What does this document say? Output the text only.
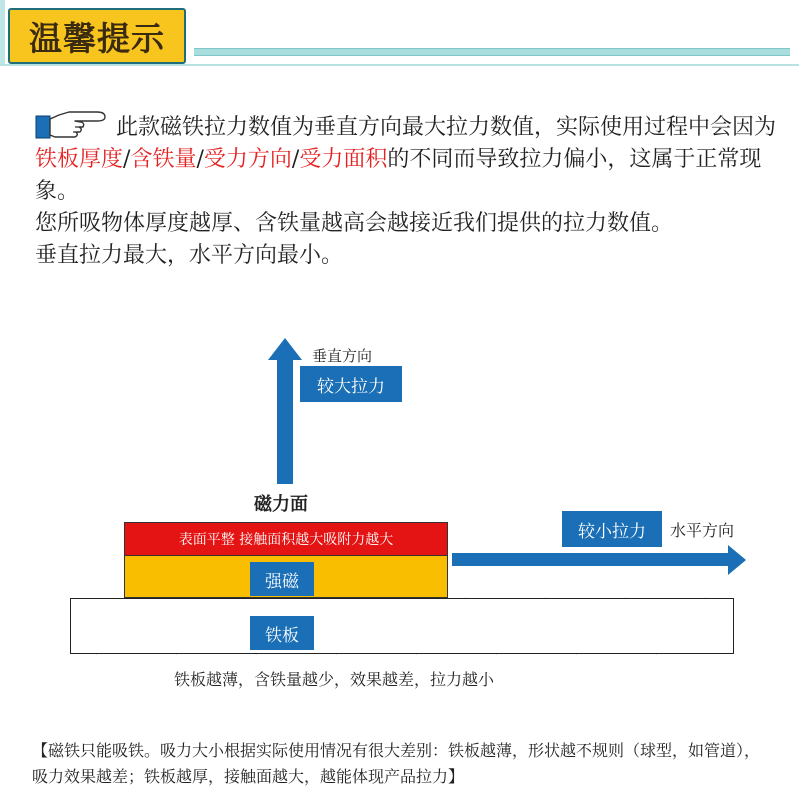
温馨提示
此款磁铁拉力数值为垂直方向最大拉力数值，实际使用过程中会因为铁板厚度/含铁量/受力方向/受力面积的不同而导致拉力偏小，这属于正常现象。
您所吸物体厚度越厚、含铁量越高会越接近我们提供的拉力数值。
垂直拉力最大，水平方向最小。
表面平整 接触面积越大吸附力越大
垂直方向
较大拉力
磁力面
强磁
铁板
较小拉力	水平方向
铁板越薄，含铁量越少，效果越差，拉力越小
【磁铁只能吸铁。吸力大小根据实际使用情况有很大差别：铁板越薄，形状越不规则（球型，如管道），吸力效果越差；铁板越厚，接触面越大，越能体现产品拉力】
